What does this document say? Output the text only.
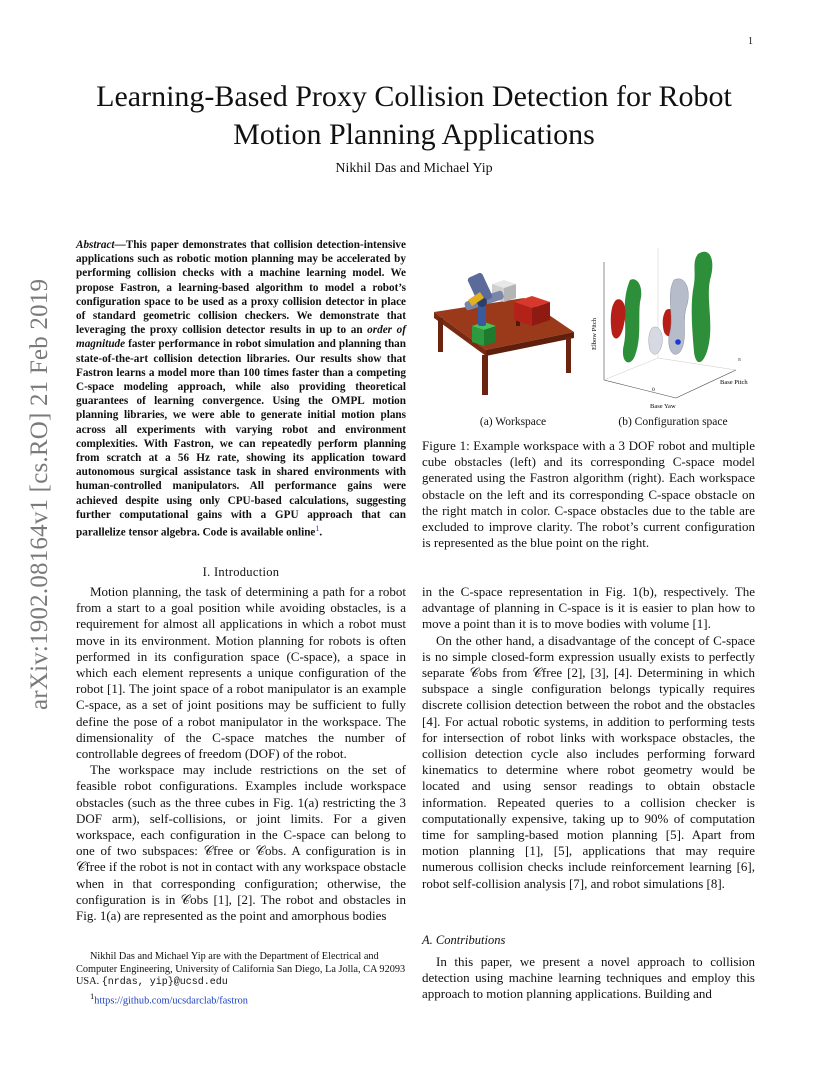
1
arXiv:1902.08164v1 [cs.RO] 21 Feb 2019
Learning-Based Proxy Collision Detection for Robot Motion Planning Applications
Nikhil Das and Michael Yip
Abstract—This paper demonstrates that collision detection-intensive applications such as robotic motion planning may be accelerated by performing collision checks with a machine learning model. We propose Fastron, a learning-based algorithm to model a robot’s configuration space to be used as a proxy collision detector in place of standard geometric collision checkers. We demonstrate that leveraging the proxy collision detector results in up to an order of magnitude faster performance in robot simulation and planning than state-of-the-art collision detection libraries. Our results show that Fastron learns a model more than 100 times faster than a competing C-space modeling approach, while also providing theoretical guarantees of learning convergence. Using the OMPL motion planning libraries, we were able to generate initial motion plans across all experiments with varying robot and environment complexities. With Fastron, we can repeatedly perform planning from scratch at a 56 Hz rate, showing its application toward autonomous surgical assistance task in shared environments with human-controlled manipulators. All performance gains were achieved despite using only CPU-based calculations, suggesting further computational gains with a GPU approach that can parallelize tensor algebra. Code is available online$^1$.
Elbow Pitch
Base Yaw
Base Pitch
0
π
(a) Workspace	(b) Configuration space
Figure 1: Example workspace with a 3 DOF robot and multiple cube obstacles (left) and its corresponding C-space model generated using the Fastron algorithm (right). Each workspace obstacle on the left and its corresponding C-space obstacle on the right match in color. C-space obstacles due to the table are excluded to improve clarity. The robot’s current configuration is represented as the blue point on the right.
I. Introduction

Motion planning, the task of determining a path for a robot from a start to a goal position while avoiding obstacles, is a requirement for almost all applications in which a robot must move in its environment. Motion planning for robots is often performed in its configuration space (C-space), a space in which each element represents a unique configuration of the robot [1]. The joint space of a robot manipulator is an example C-space, as a set of joint positions may be sufficient to fully define the pose of a robot manipulator in the workspace. The dimensionality of the C-space matches the number of controllable degrees of freedom (DOF) of the robot.

The workspace may include restrictions on the set of feasible robot configurations. Examples include workspace obstacles (such as the three cubes in Fig. 1(a) restricting the 3 DOF arm), self-collisions, or joint limits. For a given workspace, each configuration in the C-space can belong to one of two subspaces: 𝒞free or 𝒞obs. A configuration is in 𝒞free if the robot is not in contact with any workspace obstacle when in that corresponding configuration; otherwise, the configuration is in 𝒞obs [1], [2]. The robot and obstacles in Fig. 1(a) are represented as the point and amorphous bodies

Nikhil Das and Michael Yip are with the Department of Electrical and Computer Engineering, University of California San Diego, La Jolla, CA 92093 USA. {nrdas, yip}@ucsd.edu

$^1$https://github.com/ucsdarclab/fastron

in the C-space representation in Fig. 1(b), respectively. The advantage of planning in C-space is it is easier to plan how to move a point than it is to move bodies with volume [1].

On the other hand, a disadvantage of the concept of C-space is no simple closed-form expression usually exists to perfectly separate 𝒞obs from 𝒞free [2], [3], [4]. Determining in which subspace a single configuration belongs typically requires discrete collision detection between the robot and the obstacles [4]. For actual robotic systems, in addition to performing tests for intersection of robot links with workspace obstacles, the collision detection cycle also includes performing forward kinematics to determine where robot geometry would be located and using sensor readings to obtain obstacle information. Repeated queries to a collision checker is computationally expensive, taking up to 90% of computation time for sampling-based motion planning [5]. Apart from motion planning [1], [5], applications that may require numerous collision checks include reinforcement learning [6], robot self-collision analysis [7], and robot simulations [8].

A. Contributions

In this paper, we present a novel approach to collision detection using machine learning techniques and employ this approach to motion planning applications. Building and
